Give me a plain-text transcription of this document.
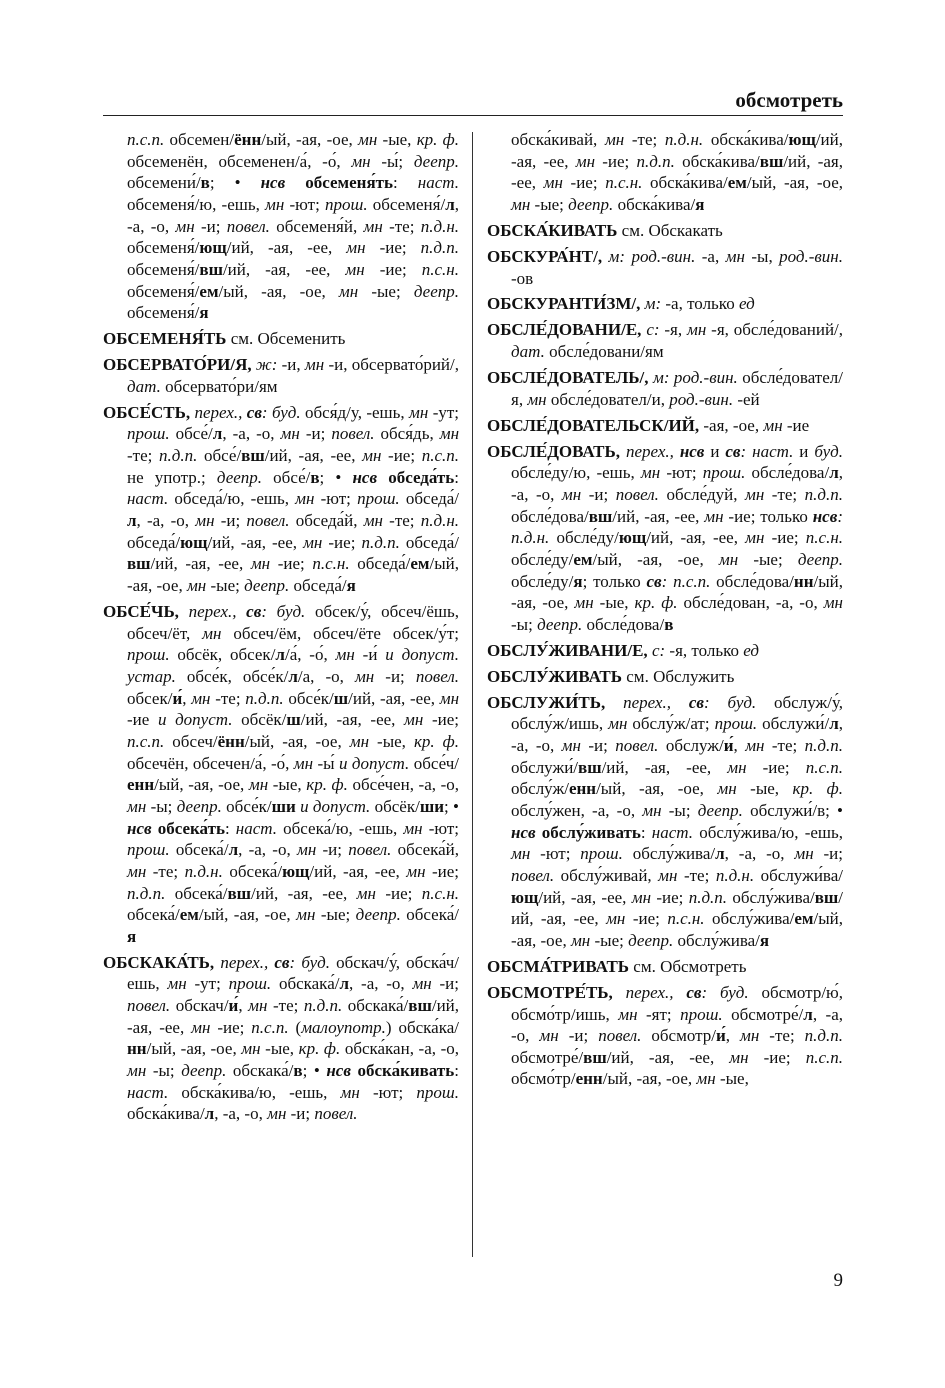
обсмотреть

п.с.п. обсемен/ённ/ый, -ая, -ое, мн -ые, кр. ф. обсеменён, обсеменен/а́, -о́, мн -ы́; деепр. обсемени́/в; • нсв обсеменя́ть: наст. обсеменя́/ю, -ешь, мн -ют; прош. обсеменя́/л, -а, -о, мн -и; повел. обсеменя́й, мн -те; п.д.н. обсеменя́/ющ/ий, -ая, -ее, мн -ие; п.д.п. обсеменя́/вш/ий, -ая, -ее, мн -ие; п.с.н. обсеменя́/ем/ый, -ая, -ое, мн -ые; деепр. обсеменя́/я

ОБСЕМЕНЯ́ТЬ см. Обсеменить

ОБСЕРВАТО́РИ/Я, ж: -и, мн -и, обсервато́рий/, дат. обсервато́ри/ям

ОБСЕ́СТЬ, перех., св: буд. обся́д/у, -ешь, мн -ут; прош. обсе́/л, -а, -о, мн -и; повел. обся́дь, мн -те; п.д.п. обсе́/вш/ий, -ая, -ее, мн -ие; п.с.п. не употр.; деепр. обсе́/в; • нсв обседа́ть: наст. обседа́/ю, -ешь, мн -ют; прош. обседа́/л, -а, -о, мн -и; повел. обседа́й, мн -те; п.д.н. обседа́/ющ/ий, -ая, -ее, мн -ие; п.д.п. обседа́/вш/ий, -ая, -ее, мн -ие; п.с.н. обседа́/ем/ый, -ая, -ое, мн -ые; деепр. обседа́/я

ОБСЕ́ЧЬ, перех., св: буд. обсек/у́, обсеч/ёшь, обсеч/ёт, мн обсеч/ём, обсеч/ёте обсек/у́т; прош. обсёк, обсек/л/а́, -о́, мн -и́ и допуст. устар. обсе́к, обсе́к/л/а, -о, мн -и; повел. обсек/и́, мн -те; п.д.п. обсе́к/ш/ий, -ая, -ее, мн -ие и допуст. обсёк/ш/ий, -ая, -ее, мн -ие; п.с.п. обсеч/ённ/ый, -ая, -ое, мн -ые, кр. ф. обсечён, обсечен/а́, -о́, мн -ы́ и допуст. обсе́ч/енн/ый, -ая, -ое, мн -ые, кр. ф. обсе́чен, -а, -о, мн -ы; деепр. обсе́к/ши и допуст. обсёк/ши; • нсв обсека́ть: наст. обсека́/ю, -ешь, мн -ют; прош. обсека́/л, -а, -о, мн -и; повел. обсека́й, мн -те; п.д.н. обсека́/ющ/ий, -ая, -ее, мн -ие; п.д.п. обсека́/вш/ий, -ая, -ее, мн -ие; п.с.н. обсека́/ем/ый, -ая, -ое, мн -ые; деепр. обсека́/я

ОБСКАКА́ТЬ, перех., св: буд. обскач/у́, обска́ч/ешь, мн -ут; прош. обскака́/л, -а, -о, мн -и; повел. обскач/и́, мн -те; п.д.п. обскака́/вш/ий, -ая, -ее, мн -ие; п.с.п. (малоупотр.) обска́ка/нн/ый, -ая, -ое, мн -ые, кр. ф. обска́кан, -а, -о, мн -ы; деепр. обскака́/в; • нсв обска́кивать: наст. обска́кива/ю, -ешь, мн -ют; прош. обска́кива/л, -а, -о, мн -и; повел.

обска́кивай, мн -те; п.д.н. обска́кива/ющ/ий, -ая, -ее, мн -ие; п.д.п. обска́кива/вш/ий, -ая, -ее, мн -ие; п.с.н. обска́кива/ем/ый, -ая, -ое, мн -ые; деепр. обска́кива/я

ОБСКА́КИВАТЬ см. Обскакать

ОБСКУРА́НТ/, м: род.-вин. -а, мн -ы, род.-вин. -ов

ОБСКУРАНТИ́ЗМ/, м: -а, только ед

ОБСЛЕ́ДОВАНИ/Е, с: -я, мн -я, обсле́дований/, дат. обсле́довани/ям

ОБСЛЕ́ДОВАТЕЛЬ/, м: род.-вин. обсле́довател/я, мн обсле́довател/и, род.-вин. -ей

ОБСЛЕ́ДОВАТЕЛЬСК/ИЙ, -ая, -ое, мн -ие

ОБСЛЕ́ДОВАТЬ, перех., нсв и св: наст. и буд. обсле́ду/ю, -ешь, мн -ют; прош. обсле́дова/л, -а, -о, мн -и; повел. обсле́дуй, мн -те; п.д.п. обсле́дова/вш/ий, -ая, -ее, мн -ие; только нсв: п.д.н. обсле́ду/ющ/ий, -ая, -ее, мн -ие; п.с.н. обсле́ду/ем/ый, -ая, -ое, мн -ые; деепр. обсле́ду/я; только св: п.с.п. обсле́дова/нн/ый, -ая, -ое, мн -ые, кр. ф. обсле́дован, -а, -о, мн -ы; деепр. обсле́дова/в

ОБСЛУ́ЖИВАНИ/Е, с: -я, только ед

ОБСЛУ́ЖИВАТЬ см. Обслужить

ОБСЛУЖИ́ТЬ, перех., св: буд. обслуж/у́, обслу́ж/ишь, мн обслу́ж/ат; прош. обслужи́/л, -а, -о, мн -и; повел. обслуж/и́, мн -те; п.д.п. обслужи́/вш/ий, -ая, -ее, мн -ие; п.с.п. обслу́ж/енн/ый, -ая, -ое, мн -ые, кр. ф. обслу́жен, -а, -о, мн -ы; деепр. обслужи́/в; • нсв обслу́живать: наст. обслу́жива/ю, -ешь, мн -ют; прош. обслу́жива/л, -а, -о, мн -и; повел. обслу́живай, мн -те; п.д.н. обслужи́ва/ющ/ий, -ая, -ее, мн -ие; п.д.п. обслу́жива/вш/ий, -ая, -ее, мн -ие; п.с.н. обслу́жива/ем/ый, -ая, -ое, мн -ые; деепр. обслу́жива/я

ОБСМА́ТРИВАТЬ см. Обсмотреть

ОБСМОТРЕ́ТЬ, перех., св: буд. обсмотр/ю́, обсмо́тр/ишь, мн -ят; прош. обсмотре́/л, -а, -о, мн -и; повел. обсмотр/и́, мн -те; п.д.п. обсмотре́/вш/ий, -ая, -ее, мн -ие; п.с.п. обсмо́тр/енн/ый, -ая, -ое, мн -ые,

9
